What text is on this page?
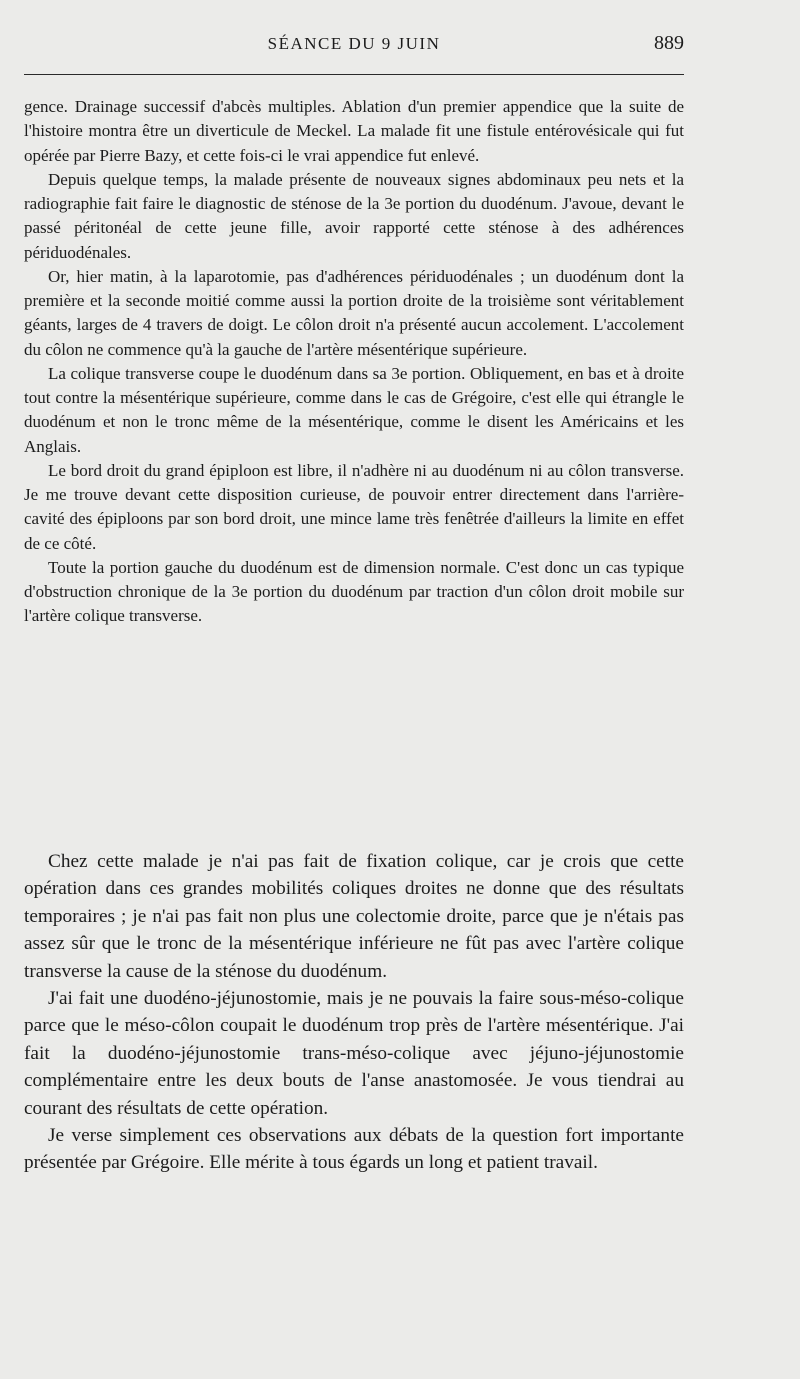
SÉANCE DU 9 JUIN	889

gence. Drainage successif d'abcès multiples. Ablation d'un premier appendice que la suite de l'histoire montra être un diverticule de Meckel. La malade fit une fistule entérovésicale qui fut opérée par Pierre Bazy, et cette fois-ci le vrai appendice fut enlevé.

Depuis quelque temps, la malade présente de nouveaux signes abdominaux peu nets et la radiographie fait faire le diagnostic de sténose de la 3e portion du duodénum. J'avoue, devant le passé péritonéal de cette jeune fille, avoir rapporté cette sténose à des adhérences périduodénales.

Or, hier matin, à la laparotomie, pas d'adhérences périduodénales ; un duodénum dont la première et la seconde moitié comme aussi la portion droite de la troisième sont véritablement géants, larges de 4 travers de doigt. Le côlon droit n'a présenté aucun accolement. L'accolement du côlon ne commence qu'à la gauche de l'artère mésentérique supérieure.

La colique transverse coupe le duodénum dans sa 3e portion. Obliquement, en bas et à droite tout contre la mésentérique supérieure, comme dans le cas de Grégoire, c'est elle qui étrangle le duodénum et non le tronc même de la mésentérique, comme le disent les Américains et les Anglais.

Le bord droit du grand épiploon est libre, il n'adhère ni au duodénum ni au côlon transverse. Je me trouve devant cette disposition curieuse, de pouvoir entrer directement dans l'arrière-cavité des épiploons par son bord droit, une mince lame très fenêtrée d'ailleurs la limite en effet de ce côté.

Toute la portion gauche du duodénum est de dimension normale. C'est donc un cas typique d'obstruction chronique de la 3e portion du duodénum par traction d'un côlon droit mobile sur l'artère colique transverse.

Chez cette malade je n'ai pas fait de fixation colique, car je crois que cette opération dans ces grandes mobilités coliques droites ne donne que des résultats temporaires ; je n'ai pas fait non plus une colectomie droite, parce que je n'étais pas assez sûr que le tronc de la mésentérique inférieure ne fût pas avec l'artère colique transverse la cause de la sténose du duodénum.

J'ai fait une duodéno-jéjunostomie, mais je ne pouvais la faire sous-méso-colique parce que le méso-côlon coupait le duodénum trop près de l'artère mésentérique. J'ai fait la duodéno-jéjunostomie trans-méso-colique avec jéjuno-jéjunostomie complémentaire entre les deux bouts de l'anse anastomosée. Je vous tiendrai au courant des résultats de cette opération.

Je verse simplement ces observations aux débats de la question fort importante présentée par Grégoire. Elle mérite à tous égards un long et patient travail.
